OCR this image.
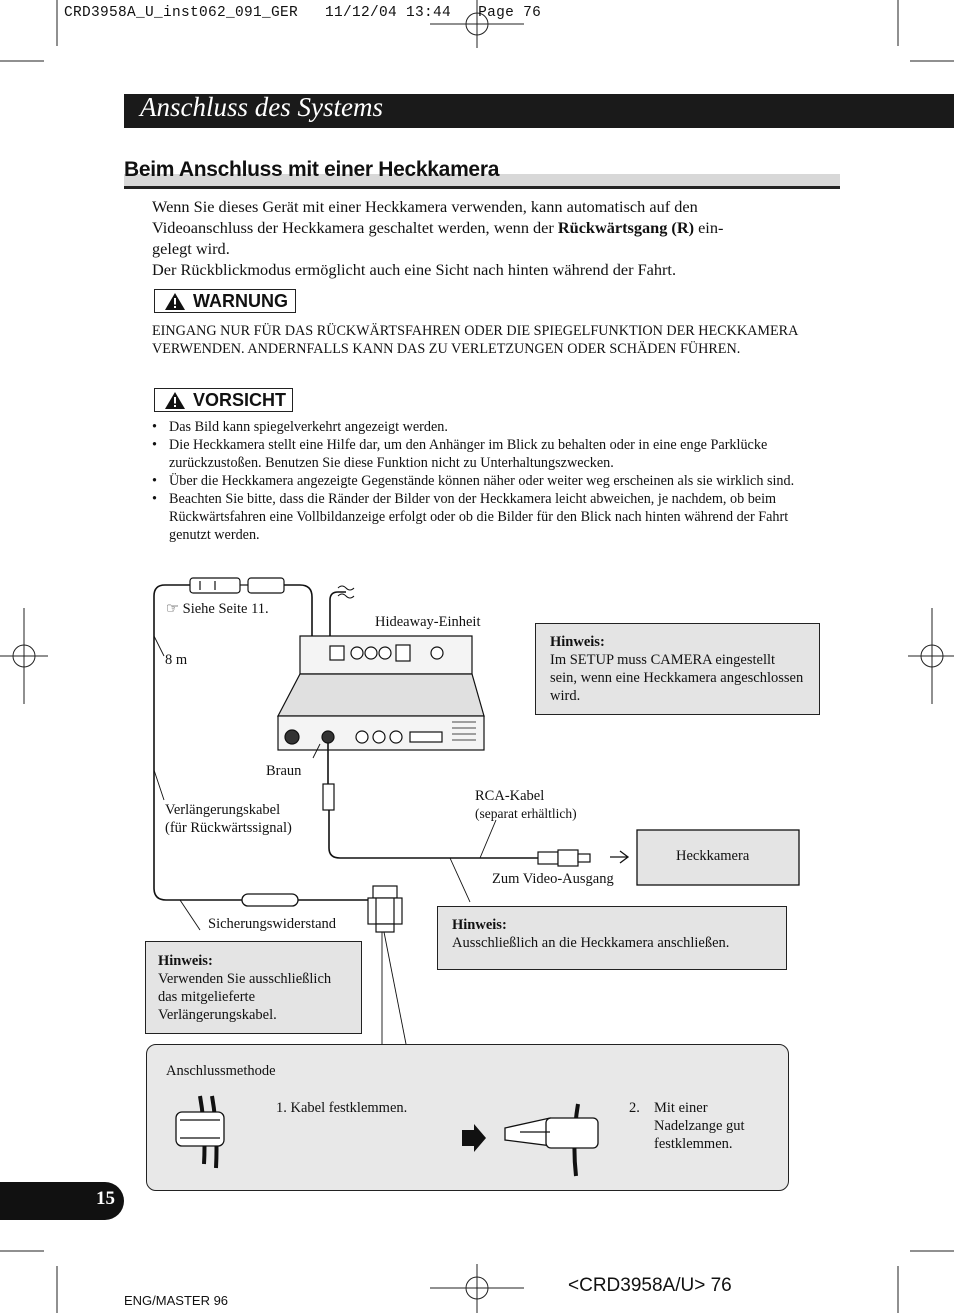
CRD3958A_U_inst062_091_GER   11/12/04 13:44   Page 76
Anschluss des Systems
Beim Anschluss mit einer Heckkamera
Wenn Sie dieses Gerät mit einer Heckkamera verwenden, kann automatisch auf den
Videoanschluss der Heckkamera geschaltet werden, wenn der Rückwärtsgang (R) ein-
gelegt wird.
Der Rückblickmodus ermöglicht auch eine Sicht nach hinten während der Fahrt.
WARNUNG
EINGANG NUR FÜR DAS RÜCKWÄRTSFAHREN ODER DIE SPIEGELFUNKTION DER HECKKAMERA VERWENDEN. ANDERNFALLS KANN DAS ZU VERLETZUNGEN ODER SCHÄDEN FÜHREN.
VORSICHT
• Das Bild kann spiegelverkehrt angezeigt werden.
• Die Heckkamera stellt eine Hilfe dar, um den Anhänger im Blick zu behalten oder in eine enge Parklücke zurückzustoßen. Benutzen Sie diese Funktion nicht zu Unterhaltungszwecken.
• Über die Heckkamera angezeigte Gegenstände können näher oder weiter weg erscheinen als sie wirklich sind.
• Beachten Sie bitte, dass die Ränder der Bilder von der Heckkamera leicht abweichen, je nachdem, ob beim Rückwärtsfahren eine Vollbildanzeige erfolgt oder ob die Bilder für den Blick nach hinten während der Fahrt genutzt werden.
☞ Siehe Seite 11.
8 m
Hideaway-Einheit
Braun
Verlängerungskabel
(für Rückwärtssignal)
RCA-Kabel
(separat erhältlich)
Heckkamera
Zum Video-Ausgang
Sicherungswiderstand
Hinweis:
Im SETUP muss CAMERA eingestellt sein, wenn eine Heckkamera angeschlossen wird.
Hinweis:
Ausschließlich an die Heckkamera anschließen.
Hinweis:
Verwenden Sie ausschließlich das mitgelieferte Verlängerungskabel.
Anschlussmethode
1. Kabel festklemmen.	2. Mit einer
Nadelzange gut
festklemmen.
15
ENG/MASTER 96
<CRD3958A/U> 76
